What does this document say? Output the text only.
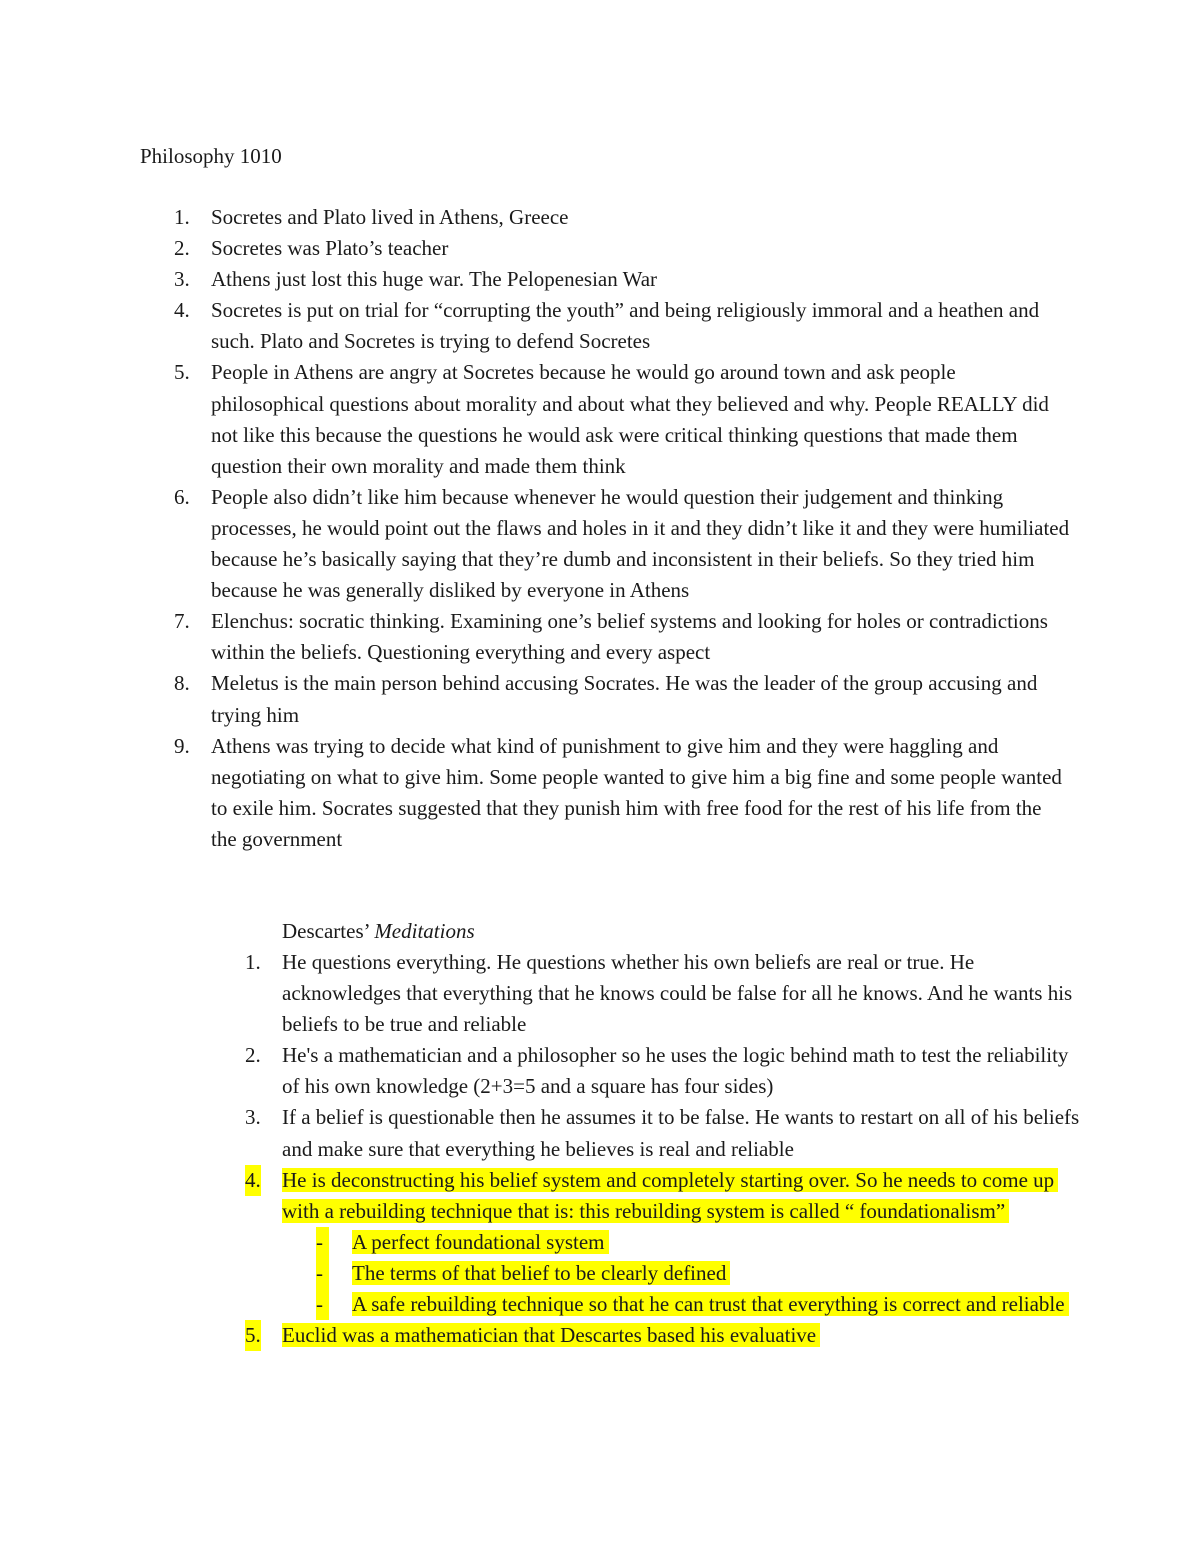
Philosophy 1010
1. Socretes and Plato lived in Athens, Greece
2. Socretes was Plato’s teacher
3. Athens just lost this huge war. The Pelopenesian War
4. Socretes is put on trial for “corrupting the youth” and being religiously immoral and a heathen and such. Plato and Socretes is trying to defend Socretes
5. People in Athens are angry at Socretes because he would go around town and ask people philosophical questions about morality and about what they believed and why. People REALLY did not like this because the questions he would ask were critical thinking questions that made them question their own morality and made them think
6. People also didn’t like him because whenever he would question their judgement and thinking processes, he would point out the flaws and holes in it and they didn’t like it and they were humiliated because he’s basically saying that they’re dumb and inconsistent in their beliefs. So they tried him because he was generally disliked by everyone in Athens
7. Elenchus: socratic thinking. Examining one’s belief systems and looking for holes or contradictions within the beliefs. Questioning everything and every aspect
8. Meletus is the main person behind accusing Socrates. He was the leader of the group accusing and trying him
9. Athens was trying to decide what kind of punishment to give him and they were haggling and negotiating on what to give him. Some people wanted to give him a big fine and some people wanted to exile him. Socrates suggested that they punish him with free food for the rest of his life from the the government
Descartes’ Meditations
1. He questions everything. He questions whether his own beliefs are real or true. He acknowledges that everything that he knows could be false for all he knows. And he wants his beliefs to be true and reliable
2. He's a mathematician and a philosopher so he uses the logic behind math to test the reliability of his own knowledge (2+3=5 and a square has four sides)
3. If a belief is questionable then he assumes it to be false. He wants to restart on all of his beliefs and make sure that everything he believes is real and reliable
4. He is deconstructing his belief system and completely starting over. So he needs to come up with a rebuilding technique that is: this rebuilding system is called “ foundationalism”
- A perfect foundational system
- The terms of that belief to be clearly defined
- A safe rebuilding technique so that he can trust that everything is correct and reliable
5. Euclid was a mathematician that Descartes based his evaluative
